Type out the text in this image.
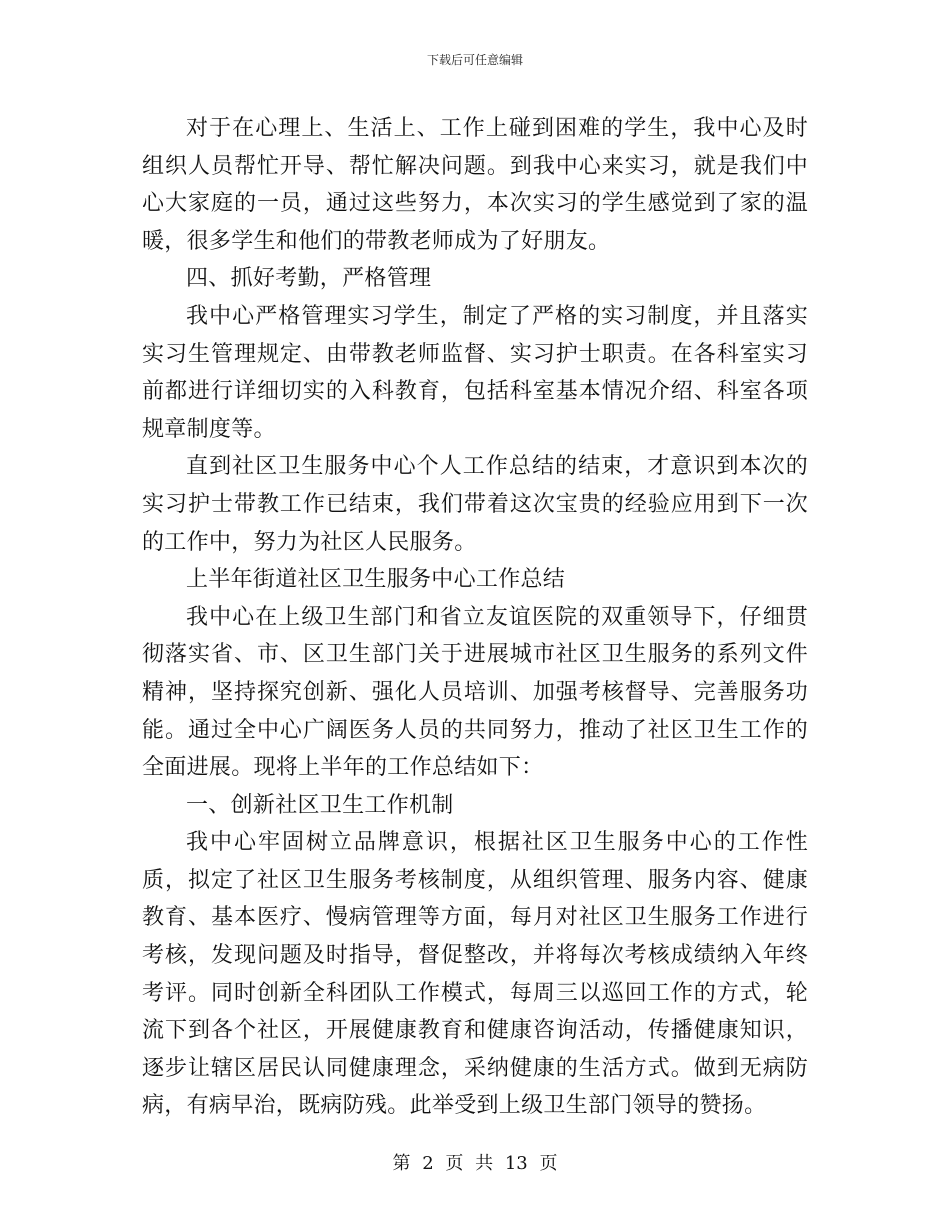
下载后可任意编辑

对于在心理上、生活上、工作上碰到困难的学生，我中心及时组织人员帮忙开导、帮忙解决问题。到我中心来实习，就是我们中心大家庭的一员，通过这些努力，本次实习的学生感觉到了家的温暖，很多学生和他们的带教老师成为了好朋友。

四、抓好考勤，严格管理

我中心严格管理实习学生，制定了严格的实习制度，并且落实实习生管理规定、由带教老师监督、实习护士职责。在各科室实习前都进行详细切实的入科教育，包括科室基本情况介绍、科室各项规章制度等。

直到社区卫生服务中心个人工作总结的结束，才意识到本次的实习护士带教工作已结束，我们带着这次宝贵的经验应用到下一次的工作中，努力为社区人民服务。

上半年街道社区卫生服务中心工作总结

我中心在上级卫生部门和省立友谊医院的双重领导下，仔细贯彻落实省、市、区卫生部门关于进展城市社区卫生服务的系列文件精神，坚持探究创新、强化人员培训、加强考核督导、完善服务功能。通过全中心广阔医务人员的共同努力，推动了社区卫生工作的全面进展。现将上半年的工作总结如下：

一、创新社区卫生工作机制

我中心牢固树立品牌意识，根据社区卫生服务中心的工作性质，拟定了社区卫生服务考核制度，从组织管理、服务内容、健康教育、基本医疗、慢病管理等方面，每月对社区卫生服务工作进行考核，发现问题及时指导，督促整改，并将每次考核成绩纳入年终考评。同时创新全科团队工作模式，每周三以巡回工作的方式，轮流下到各个社区，开展健康教育和健康咨询活动，传播健康知识，逐步让辖区居民认同健康理念，采纳健康的生活方式。做到无病防病，有病早治，既病防残。此举受到上级卫生部门领导的赞扬。

第 2 页 共 13 页
